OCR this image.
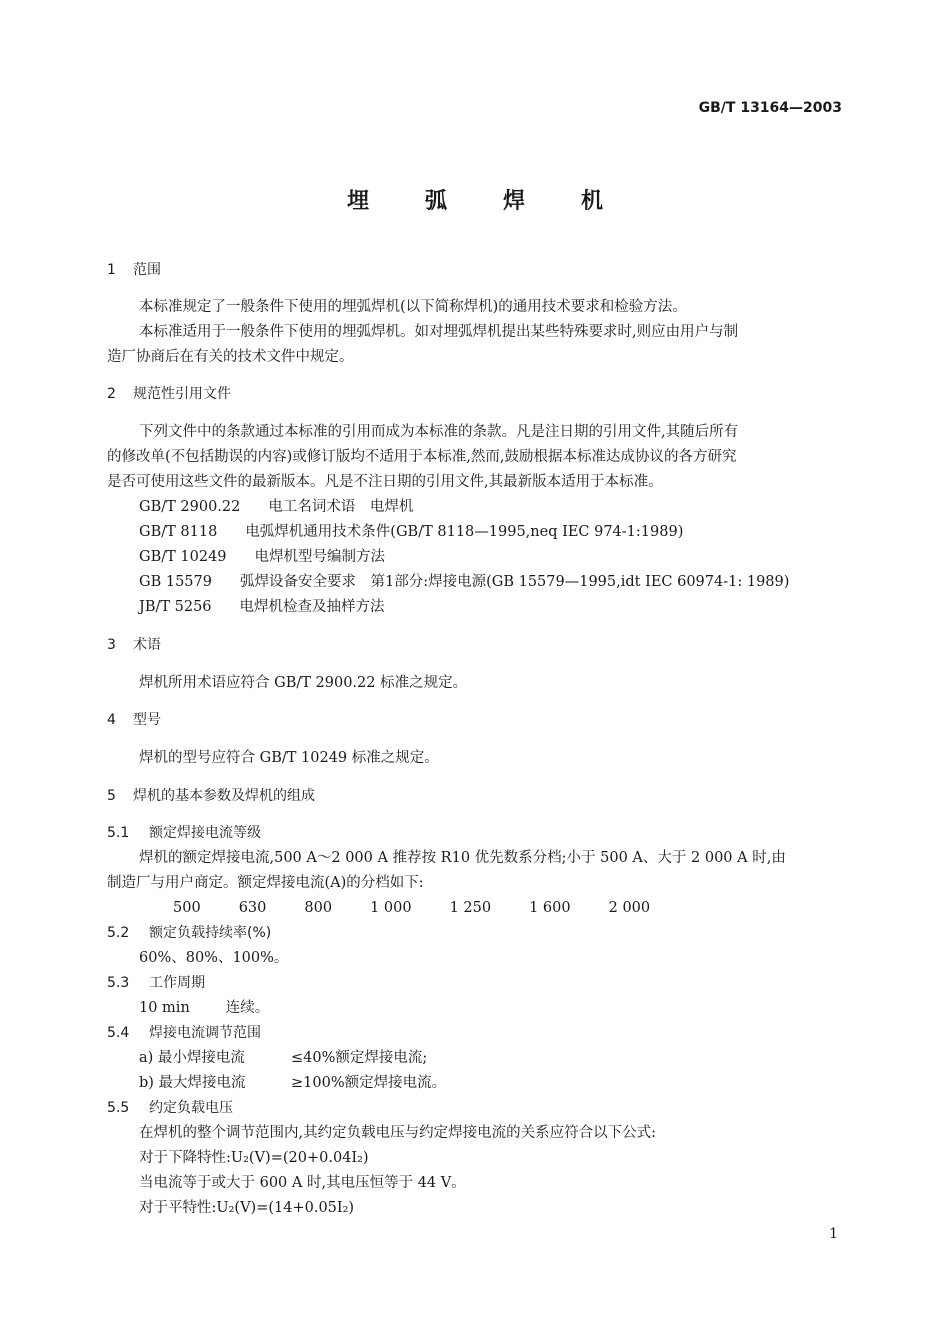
GB/T 13164—2003
埋弧焊机
1 范围
本标准规定了一般条件下使用的埋弧焊机(以下简称焊机)的通用技术要求和检验方法。
本标准适用于一般条件下使用的埋弧焊机。如对埋弧焊机提出某些特殊要求时,则应由用户与制
造厂协商后在有关的技术文件中规定。
2 规范性引用文件
下列文件中的条款通过本标准的引用而成为本标准的条款。凡是注日期的引用文件,其随后所有
的修改单(不包括勘误的内容)或修订版均不适用于本标准,然而,鼓励根据本标准达成协议的各方研究
是否可使用这些文件的最新版本。凡是不注日期的引用文件,其最新版本适用于本标准。
GB/T 2900.22 电工名词术语　电焊机
GB/T 8118 电弧焊机通用技术条件(GB/T 8118—1995,neq IEC 974-1:1989)
GB/T 10249 电焊机型号编制方法
GB 15579 弧焊设备安全要求　第1部分:焊接电源(GB 15579—1995,idt IEC 60974-1: 1989)
JB/T 5256 电焊机检查及抽样方法
3 术语
焊机所用术语应符合 GB/T 2900.22 标准之规定。
4 型号
焊机的型号应符合 GB/T 10249 标准之规定。
5 焊机的基本参数及焊机的组成
5.1 额定焊接电流等级
焊机的额定焊接电流,500 A～2 000 A 推荐按 R10 优先数系分档;小于 500 A、大于 2 000 A 时,由
制造厂与用户商定。额定焊接电流(A)的分档如下:
500	630	800	1 000	1 250	1 600	2 000
5.2 额定负载持续率(%)
60%、80%、100%。
5.3 工作周期
10 min 连续。
5.4 焊接电流调节范围
a) 最小焊接电流	≤40%额定焊接电流;
b) 最大焊接电流	≥100%额定焊接电流。
5.5 约定负载电压
在焊机的整个调节范围内,其约定负载电压与约定焊接电流的关系应符合以下公式:
对于下降特性:U₂(V)=(20+0.04I₂)
当电流等于或大于 600 A 时,其电压恒等于 44 V。
对于平特性:U₂(V)=(14+0.05I₂)
1
